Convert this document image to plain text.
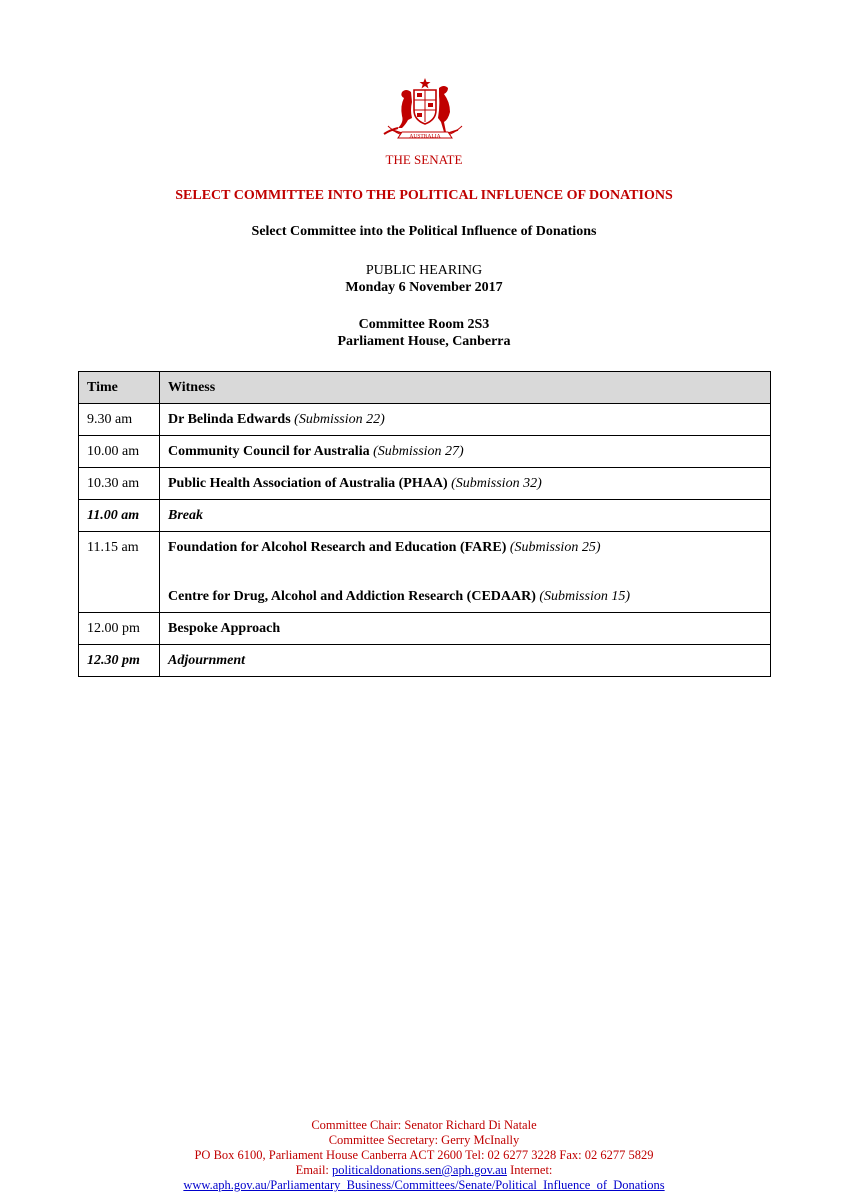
AUSTRALIA
THE SENATE
SELECT COMMITTEE INTO THE POLITICAL INFLUENCE OF DONATIONS
Select Committee into the Political Influence of Donations
PUBLIC HEARING
Monday 6 November 2017
Committee Room 2S3
Parliament House, Canberra
Time	Witness
9.30 am	Dr Belinda Edwards (Submission 22)
10.00 am	Community Council for Australia (Submission 27)
10.30 am	Public Health Association of Australia (PHAA) (Submission 32)
11.00 am	Break
11.15 am	Foundation for Alcohol Research and Education (FARE) (Submission 25)
Centre for Drug, Alcohol and Addiction Research (CEDAAR) (Submission 15)

12.00 pm	Bespoke Approach
12.30 pm	Adjournment
Committee Chair: Senator Richard Di Natale
Committee Secretary: Gerry McInally
PO Box 6100, Parliament House Canberra ACT 2600 Tel: 02 6277 3228 Fax: 02 6277 5829
Email: politicaldonations.sen@aph.gov.au Internet:
www.aph.gov.au/Parliamentary_Business/Committees/Senate/Political_Influence_of_Donations
